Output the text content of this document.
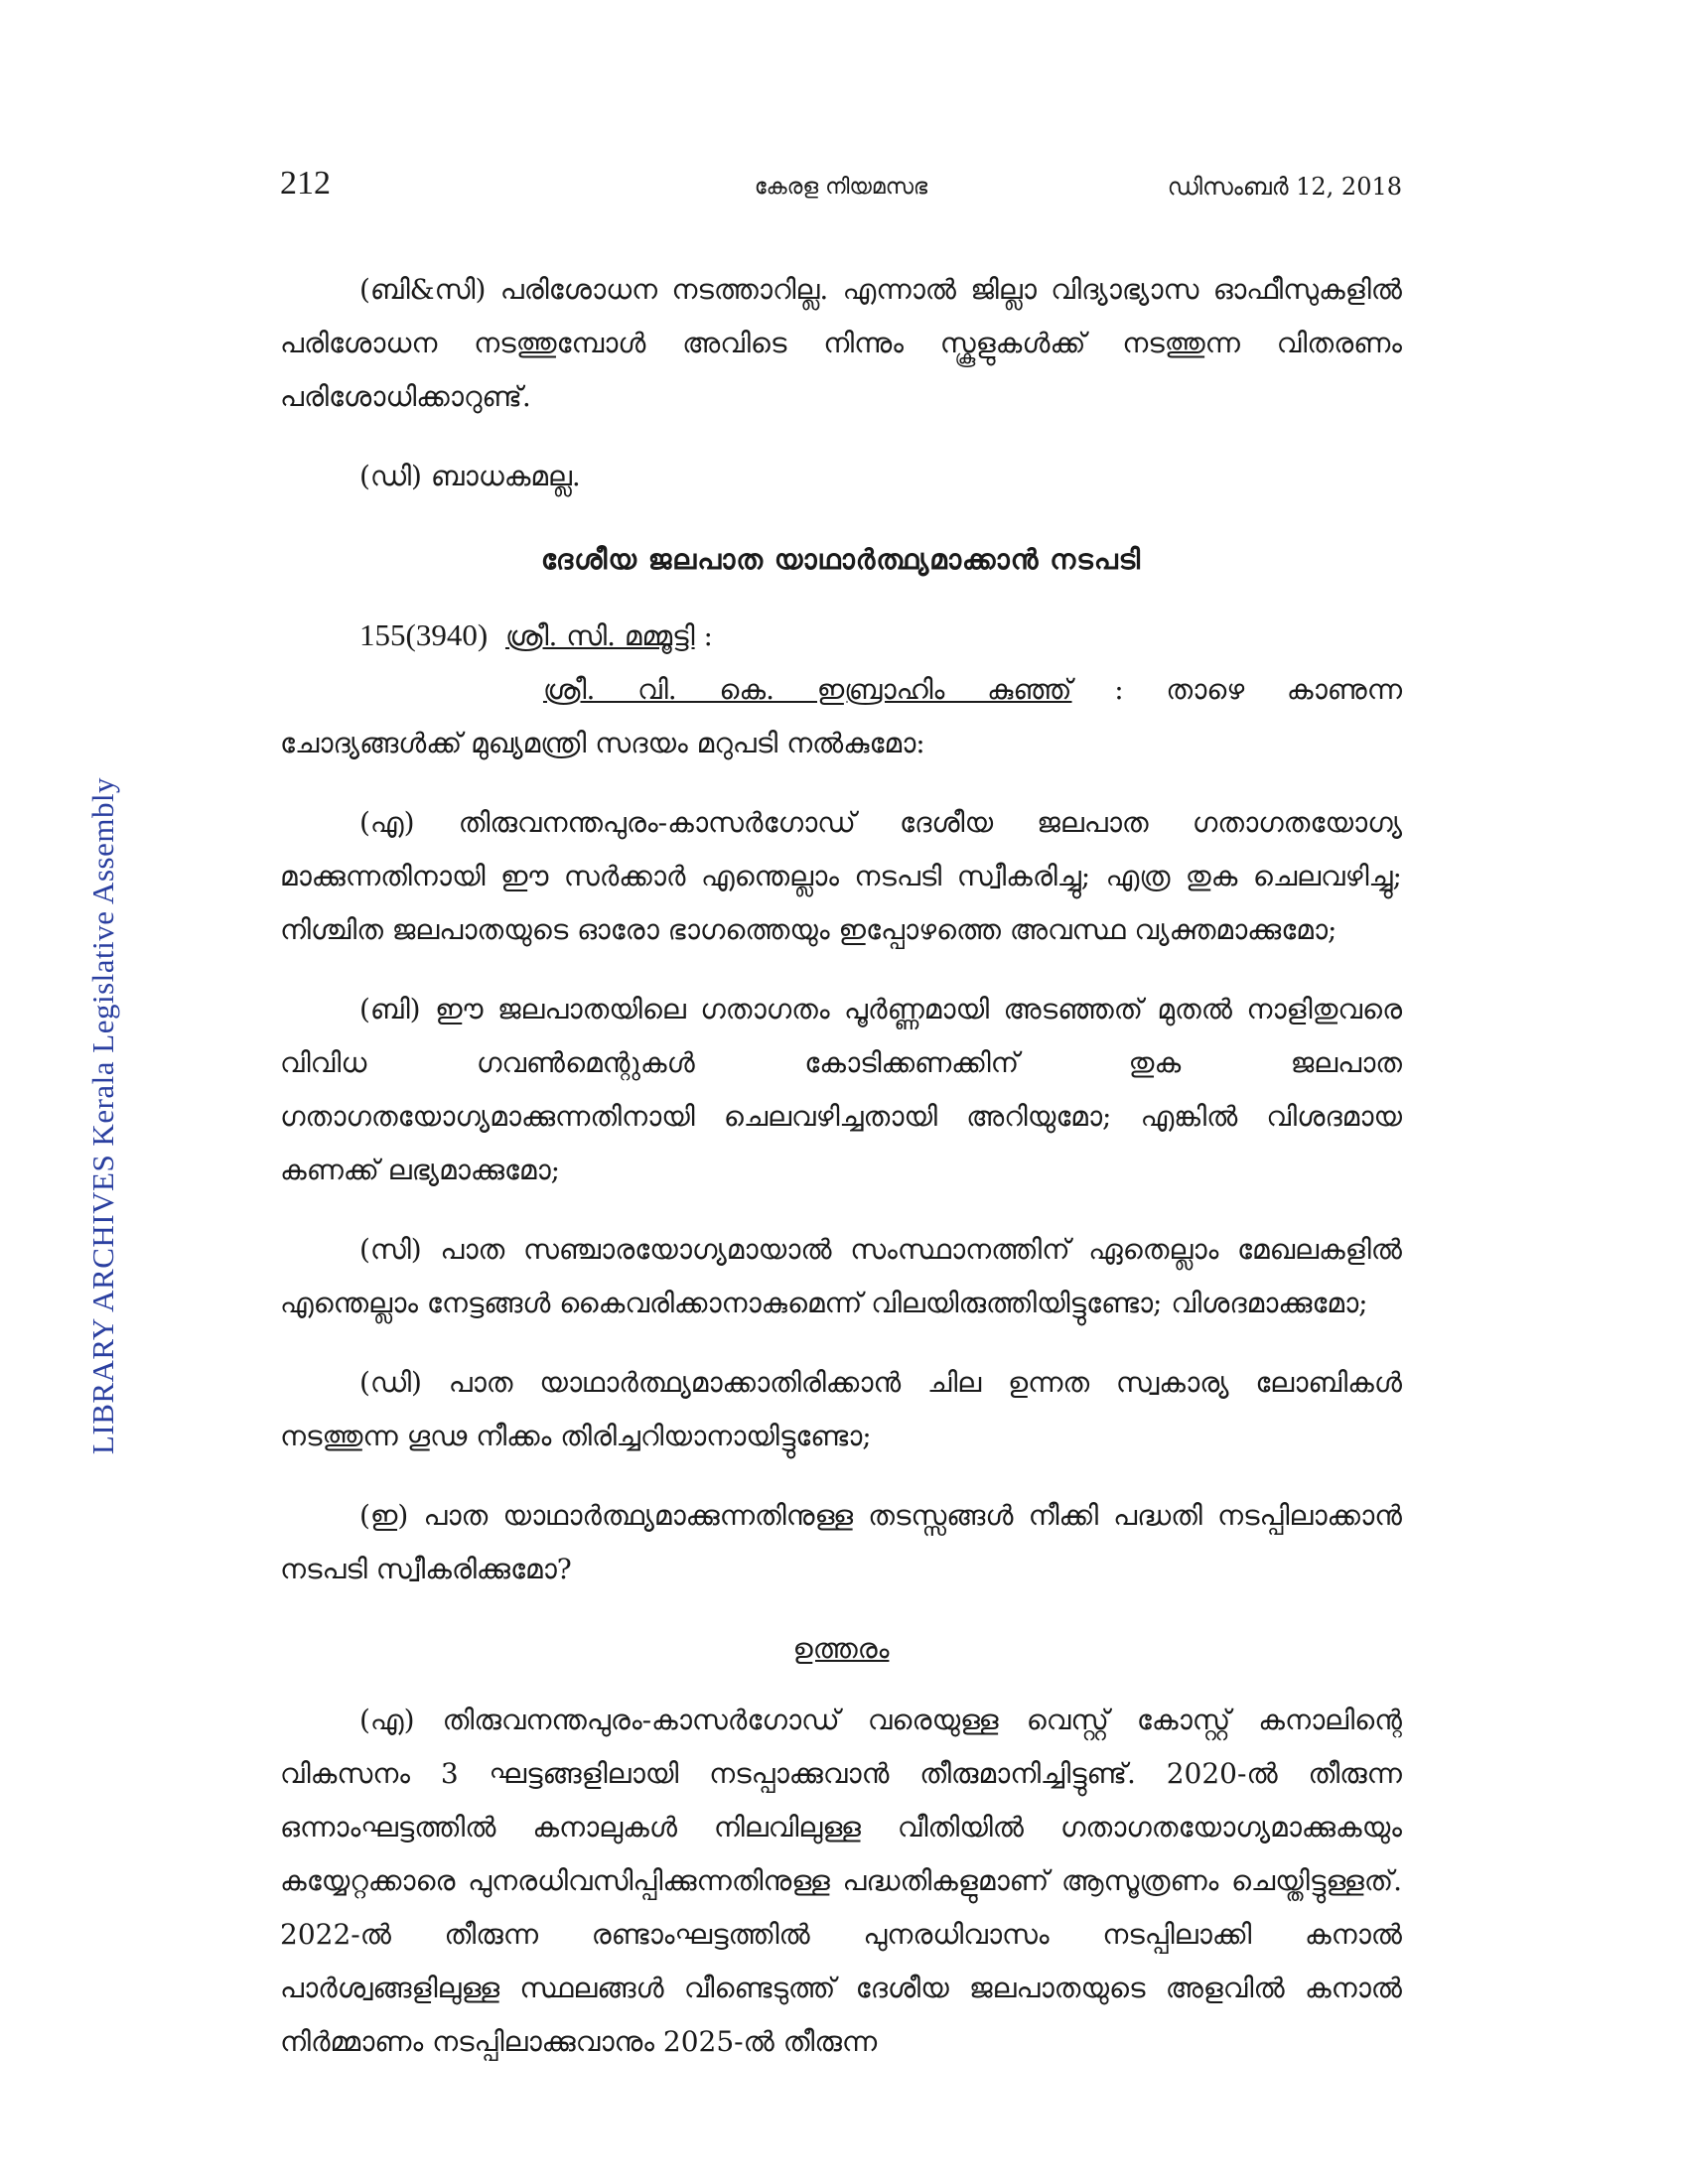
LIBRARY ARCHIVES Kerala Legislative Assembly
212	കേരള നിയമസഭ	ഡിസംബർ 12, 2018

(ബി&സി) പരിശോധന നടത്താറില്ല. എന്നാൽ ജില്ലാ വിദ്യാഭ്യാസ ഓഫീസുകളിൽ പരിശോധന നടത്തുമ്പോൾ അവിടെ നിന്നും സ്കൂളുകൾക്ക് നടത്തുന്ന വിതരണം പരിശോധിക്കാറുണ്ട്.

(ഡി) ബാധകമല്ല.

ദേശീയ ജലപാത യാഥാർത്ഥ്യമാക്കാൻ നടപടി

155(3940) ശ്രീ. സി. മമ്മൂട്ടി :

ശ്രീ. വി. കെ. ഇബ്രാഹിം കുഞ്ഞ് : താഴെ കാണുന്ന

ചോദ്യങ്ങൾക്ക് മുഖ്യമന്ത്രി സദയം മറുപടി നൽകുമോ:

(എ) തിരുവനന്തപുരം-കാസർഗോഡ് ദേശീയ ജലപാത ഗതാഗതയോഗ്യ മാക്കുന്നതിനായി ഈ സർക്കാർ എന്തെല്ലാം നടപടി സ്വീകരിച്ചു; എത്ര തുക ചെലവഴിച്ചു; നിശ്ചിത ജലപാതയുടെ ഓരോ ഭാഗത്തെയും ഇപ്പോഴത്തെ അവസ്ഥ വ്യക്തമാക്കുമോ;

(ബി) ഈ ജലപാതയിലെ ഗതാഗതം പൂർണ്ണമായി അടഞ്ഞത് മുതൽ നാളിതുവരെ വിവിധ ഗവൺമെന്റുകൾ കോടിക്കണക്കിന് തുക ജലപാത ഗതാഗതയോഗ്യമാക്കുന്നതിനായി ചെലവഴിച്ചതായി അറിയുമോ; എങ്കിൽ വിശദമായ കണക്ക് ലഭ്യമാക്കുമോ;

(സി) പാത സഞ്ചാരയോഗ്യമായാൽ സംസ്ഥാനത്തിന് ഏതെല്ലാം മേഖലകളിൽ എന്തെല്ലാം നേട്ടങ്ങൾ കൈവരിക്കാനാകുമെന്ന് വിലയിരുത്തിയിട്ടുണ്ടോ; വിശദമാക്കുമോ;

(ഡി) പാത യാഥാർത്ഥ്യമാക്കാതിരിക്കാൻ ചില ഉന്നത സ്വകാര്യ ലോബികൾ നടത്തുന്ന ഗൂഢ നീക്കം തിരിച്ചറിയാനായിട്ടുണ്ടോ;

(ഇ) പാത യാഥാർത്ഥ്യമാക്കുന്നതിനുള്ള തടസ്സങ്ങൾ നീക്കി പദ്ധതി നടപ്പിലാക്കാൻ നടപടി സ്വീകരിക്കുമോ?

ഉത്തരം

(എ) തിരുവനന്തപുരം-കാസർഗോഡ് വരെയുള്ള വെസ്റ്റ് കോസ്റ്റ് കനാലിന്റെ വികസനം 3 ഘട്ടങ്ങളിലായി നടപ്പാക്കുവാൻ തീരുമാനിച്ചിട്ടുണ്ട്. 2020-ൽ തീരുന്ന ഒന്നാംഘട്ടത്തിൽ കനാലുകൾ നിലവിലുള്ള വീതിയിൽ ഗതാഗതയോഗ്യമാക്കുകയും കയ്യേറ്റക്കാരെ പുനരധിവസിപ്പിക്കുന്നതിനുള്ള പദ്ധതികളുമാണ് ആസൂത്രണം ചെയ്തിട്ടുള്ളത്. 2022-ൽ തീരുന്ന രണ്ടാംഘട്ടത്തിൽ പുനരധിവാസം നടപ്പിലാക്കി കനാൽ പാർശ്വങ്ങളിലുള്ള സ്ഥലങ്ങൾ വീണ്ടെടുത്ത് ദേശീയ ജലപാതയുടെ അളവിൽ കനാൽ നിർമ്മാണം നടപ്പിലാക്കുവാനും 2025-ൽ തീരുന്ന
